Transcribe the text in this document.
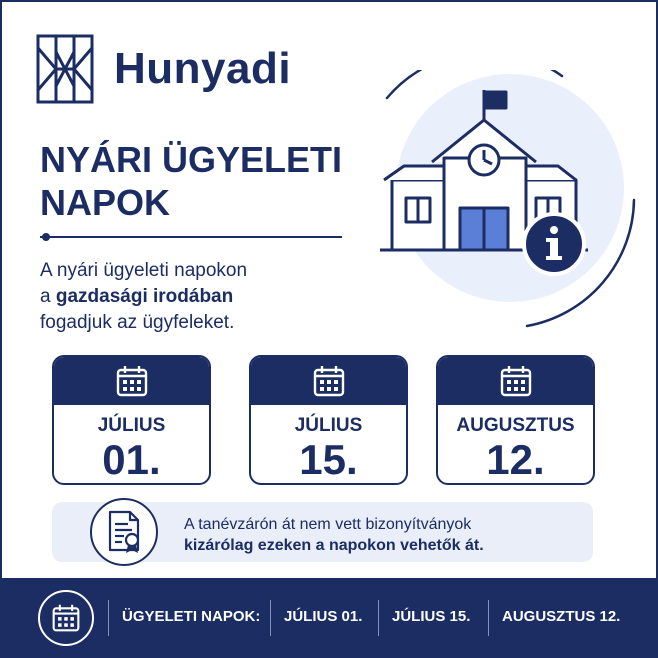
Hunyadi
NYÁRI ÜGYELETI
NAPOK
A nyári ügyeleti napokon
a gazdasági irodában
fogadjuk az ügyfeleket.
JÚLIUS
01.
JÚLIUS
15.
AUGUSZTUS
12.
A tanévzárón át nem vett bizonyítványok
kizárólag ezeken a napokon vehetők át.
ÜGYELETI NAPOK: JÚLIUS 01. JÚLIUS 15. AUGUSZTUS 12.
